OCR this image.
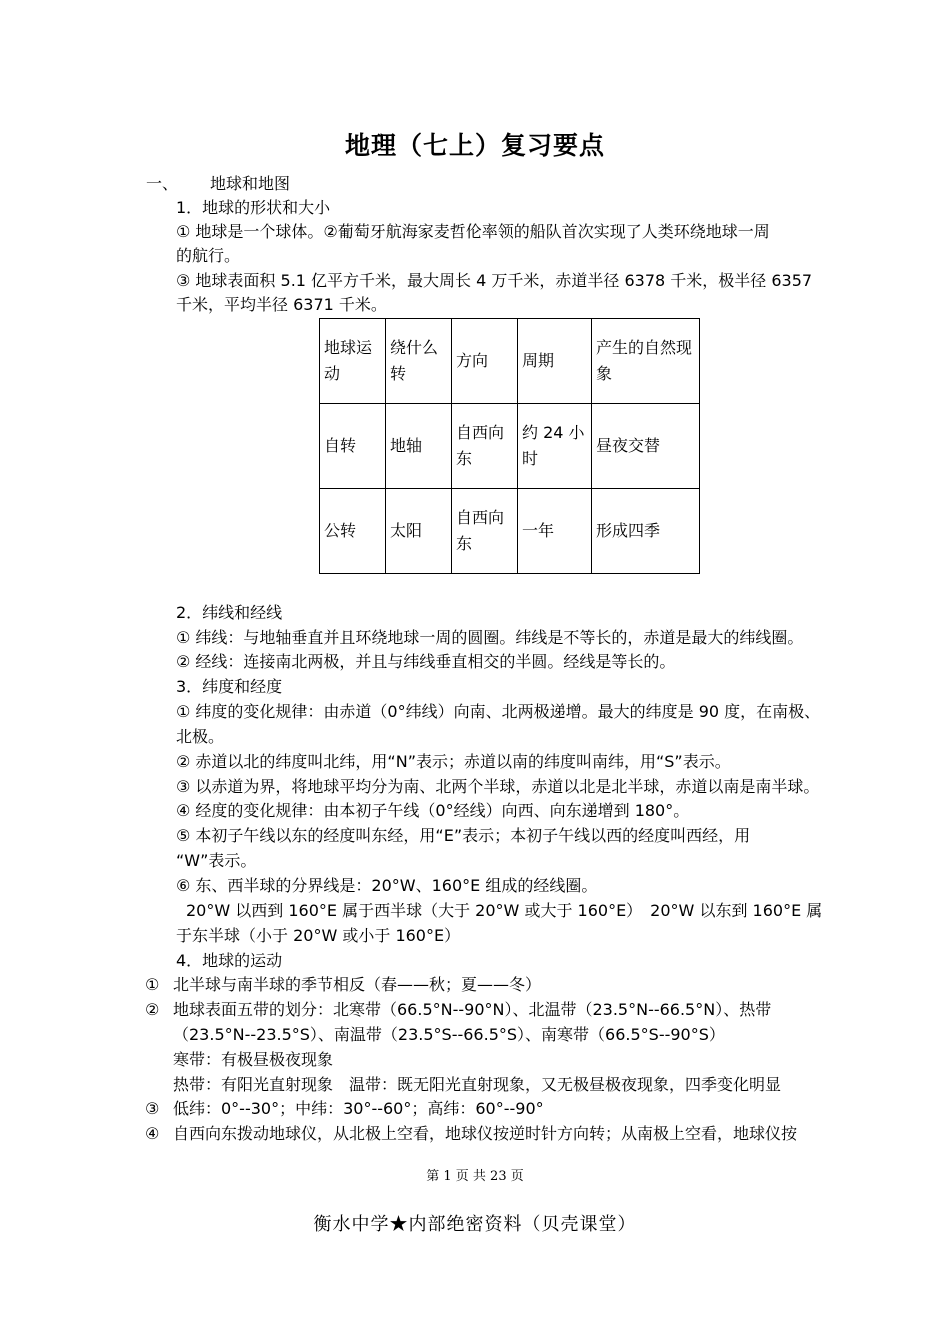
地理（七上）复习要点
一、 地球和地图
1．地球的形状和大小
① 地球是一个球体。②葡萄牙航海家麦哲伦率领的船队首次实现了人类环绕地球一周
的航行。
③ 地球表面积 5.1 亿平方千米，最大周长 4 万千米，赤道半径 6378 千米，极半径 6357
千米，平均半径 6371 千米。
地球运动	绕什么转	方向	周期	产生的自然现象
自转	地轴	自西向东	约 24 小时	昼夜交替
公转	太阳	自西向东	一年	形成四季
2．纬线和经线
① 纬线：与地轴垂直并且环绕地球一周的圆圈。纬线是不等长的，赤道是最大的纬线圈。
② 经线：连接南北两极，并且与纬线垂直相交的半圆。经线是等长的。
3．纬度和经度
① 纬度的变化规律：由赤道（0°纬线）向南、北两极递增。最大的纬度是 90 度，在南极、
北极。
② 赤道以北的纬度叫北纬，用“N”表示；赤道以南的纬度叫南纬，用“S”表示。
③ 以赤道为界，将地球平均分为南、北两个半球，赤道以北是北半球，赤道以南是南半球。
④ 经度的变化规律：由本初子午线（0°经线）向西、向东递增到 180°。
⑤ 本初子午线以东的经度叫东经，用“E”表示；本初子午线以西的经度叫西经，用
“W”表示。
⑥ 东、西半球的分界线是：20°W、160°E 组成的经线圈。
20°W 以西到 160°E 属于西半球（大于 20°W 或大于 160°E）　20°W 以东到 160°E 属
于东半球（小于 20°W 或小于 160°E）
4．地球的运动
① 北半球与南半球的季节相反（春——秋；夏——冬）
② 地球表面五带的划分：北寒带（66.5°N--90°N）、北温带（23.5°N--66.5°N）、热带
（23.5°N--23.5°S）、南温带（23.5°S--66.5°S）、南寒带（66.5°S--90°S）
寒带：有极昼极夜现象
热带：有阳光直射现象　温带：既无阳光直射现象，又无极昼极夜现象，四季变化明显
③ 低纬：0°--30°；中纬：30°--60°；高纬：60°--90°
④ 自西向东拨动地球仪，从北极上空看，地球仪按逆时针方向转；从南极上空看，地球仪按
第 1 页 共 23 页
衡水中学★内部绝密资料（贝壳课堂）
